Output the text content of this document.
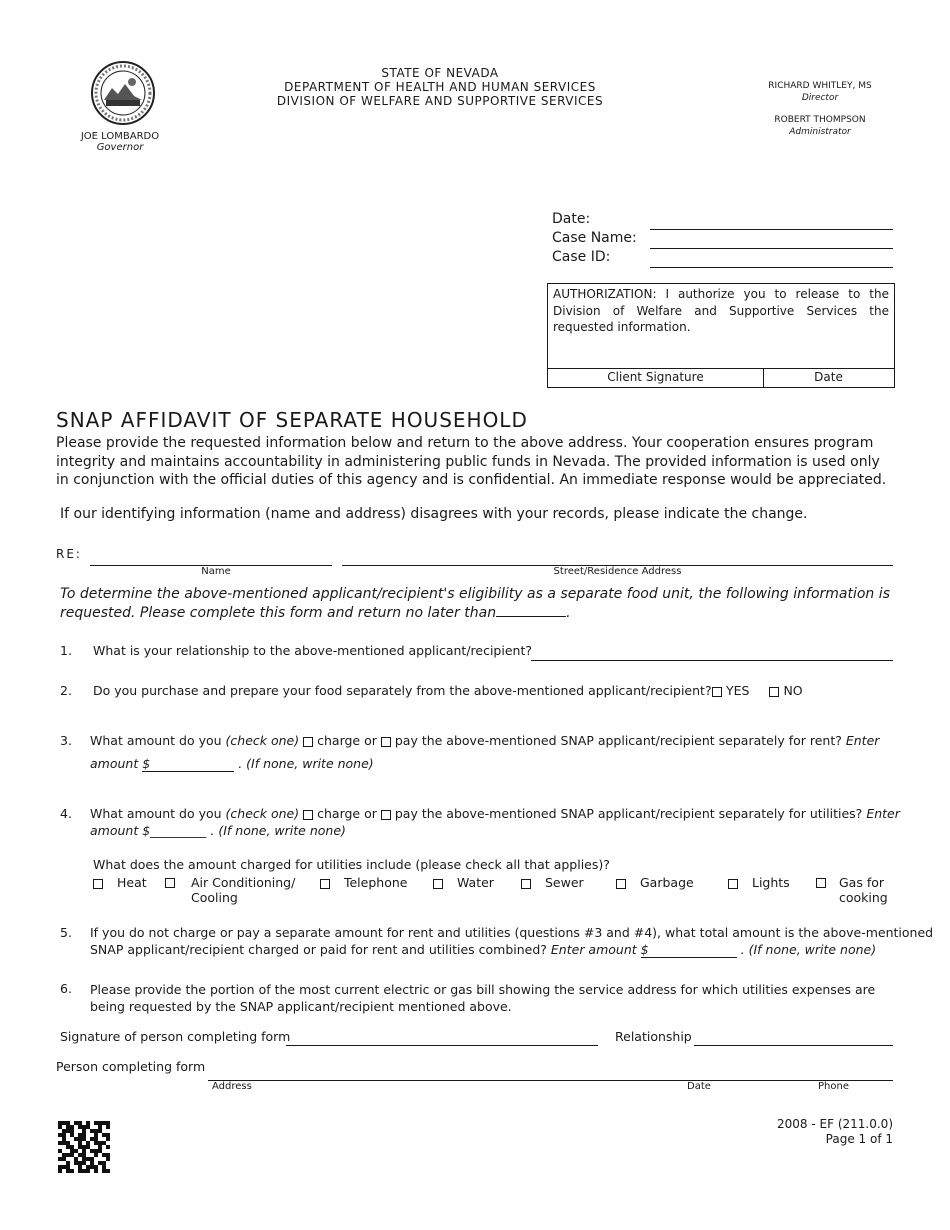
JOE LOMBARDO
Governor
STATE OF NEVADA
DEPARTMENT OF HEALTH AND HUMAN SERVICES
DIVISION OF WELFARE AND SUPPORTIVE SERVICES
RICHARD WHITLEY, MS
Director
ROBERT THOMPSON
Administrator
Date:
Case Name:
Case ID:
AUTHORIZATION: I authorize you to release to the Division of Welfare and Supportive Services the requested information.
Client Signature	Date
SNAP AFFIDAVIT OF SEPARATE HOUSEHOLD
Please provide the requested information below and return to the above address. Your cooperation ensures program integrity and maintains accountability in administering public funds in Nevada. The provided information is used only in conjunction with the official duties of this agency and is confidential. An immediate response would be appreciated.
If our identifying information (name and address) disagrees with your records, please indicate the change.
RE:
Name	Street/Residence Address
To determine the above-mentioned applicant/recipient's eligibility as a separate food unit, the following information is requested. Please complete this form and return no later than	.
1. What is your relationship to the above-mentioned applicant/recipient?
2. Do you purchase and prepare your food separately from the above-mentioned applicant/recipient?	YES	NO
3. What amount do you (check one) charge or pay the above-mentioned SNAP applicant/recipient separately for rent? Enter
amount $	. (If none, write none)
4. What amount do you (check one) charge or pay the above-mentioned SNAP applicant/recipient separately for utilities? Enter
amount $_________ . (If none, write none)
What does the amount charged for utilities include (please check all that applies)?
Heat	Air Conditioning/ Cooling
Telephone	Water	Sewer	Garbage	Lights	Gas for cooking
5. If you do not charge or pay a separate amount for rent and utilities (questions #3 and #4), what total amount is the above-mentioned
SNAP applicant/recipient charged or paid for rent and utilities combined? Enter amount $	. (If none, write none)
6. Please provide the portion of the most current electric or gas bill showing the service address for which utilities expenses are being requested by the SNAP applicant/recipient mentioned above.
Signature of person completing form	Relationship
Person completing form
Address	Date	Phone
2008 - EF (211.0.0)
Page 1 of 1
